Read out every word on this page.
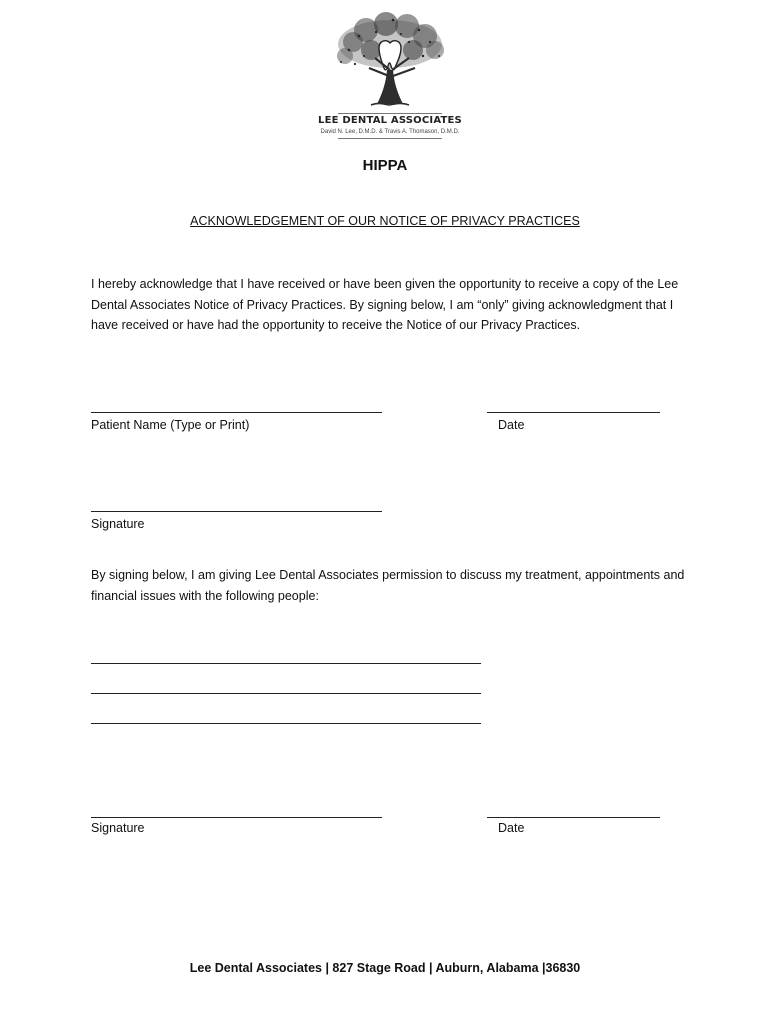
LEE DENTAL ASSOCIATES
David N. Lee, D.M.D. & Travis A. Thomason, D.M.D.
HIPPA
ACKNOWLEDGEMENT OF OUR NOTICE OF PRIVACY PRACTICES
I hereby acknowledge that I have received or have been given the opportunity to receive a copy of the Lee Dental Associates Notice of Privacy Practices. By signing below, I am “only” giving acknowledgment that I have received or have had the opportunity to receive the Notice of our Privacy Practices.
Patient Name (Type or Print)	Date
Signature
By signing below, I am giving Lee Dental Associates permission to discuss my treatment, appointments and financial issues with the following people:
Signature	Date
Lee Dental Associates | 827 Stage Road | Auburn, Alabama |36830
